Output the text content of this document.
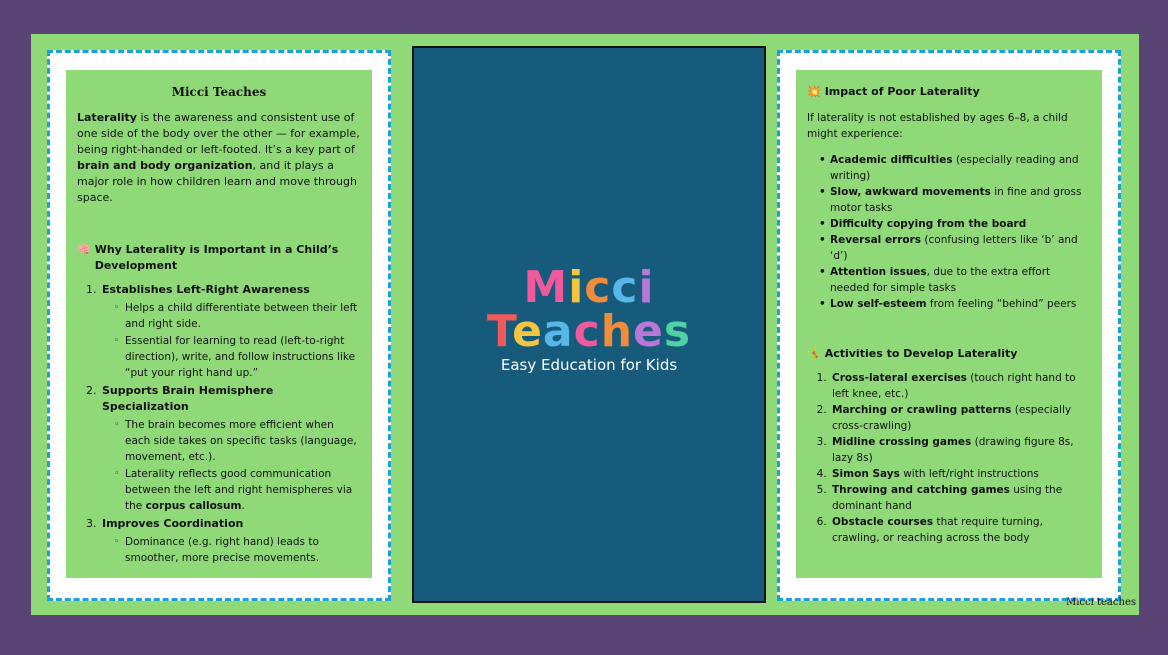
Micci Teaches

Laterality is the awareness and consistent use of one side of the body over the other — for example, being right-handed or left-footed. It’s a key part of brain and body organization, and it plays a major role in how children learn and move through space.

🧠 Why Laterality is Important in a Child’s Development

1. Establishes Left-Right Awareness
◦ Helps a child differentiate between their left and right side.
◦ Essential for learning to read (left-to-right direction), write, and follow instructions like “put your right hand up.”
2. Supports Brain Hemisphere Specialization
◦ The brain becomes more efficient when each side takes on specific tasks (language, movement, etc.).
◦ Laterality reflects good communication between the left and right hemispheres via the corpus callosum.
3. Improves Coordination
◦ Dominance (e.g. right hand) leads to smoother, more precise movements.
Micci
Teaches
Easy Education for Kids

💥 Impact of Poor Laterality

If laterality is not established by ages 6–8, a child might experience:

• Academic difficulties (especially reading and writing)
• Slow, awkward movements in fine and gross motor tasks
• Difficulty copying from the board
• Reversal errors (confusing letters like ‘b’ and ‘d’)
• Attention issues, due to the extra effort needed for simple tasks
• Low self-esteem from feeling “behind” peers

🤸 Activities to Develop Laterality

1. Cross-lateral exercises (touch right hand to left knee, etc.)
2. Marching or crawling patterns (especially cross-crawling)
3. Midline crossing games (drawing figure 8s, lazy 8s)
4. Simon Says with left/right instructions
5. Throwing and catching games using the dominant hand
6. Obstacle courses that require turning, crawling, or reaching across the body
Micci teaches
